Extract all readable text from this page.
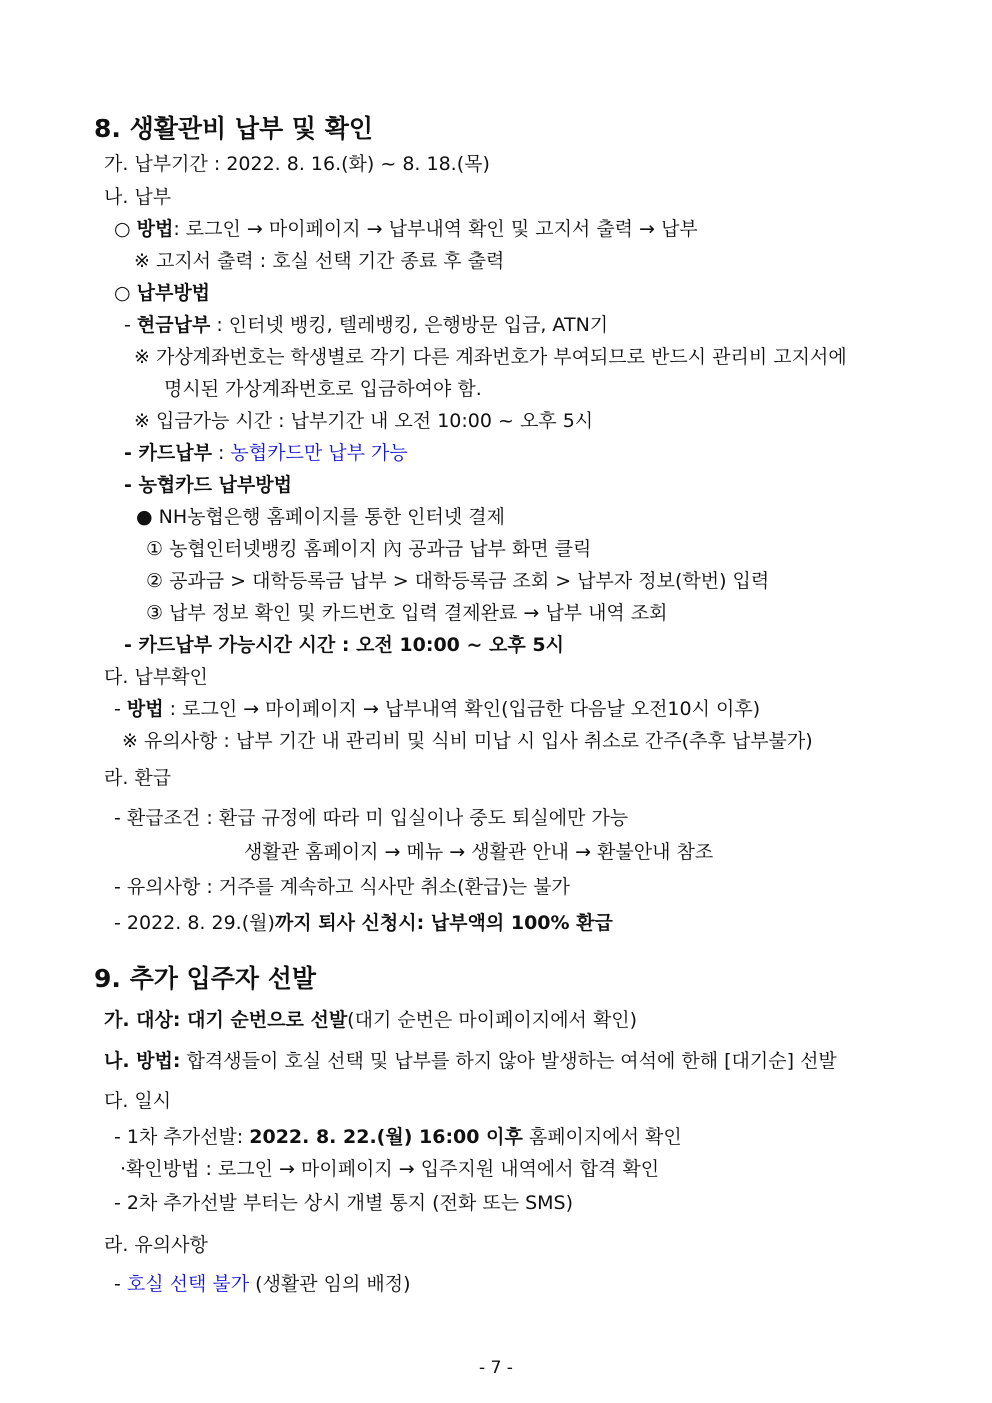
8. 생활관비 납부 및 확인
가. 납부기간 : 2022. 8. 16.(화) ~ 8. 18.(목)
나. 납부
○ 방법: 로그인 → 마이페이지 → 납부내역 확인 및 고지서 출력 → 납부
※ 고지서 출력 : 호실 선택 기간 종료 후 출력
○ 납부방법
- 현금납부 : 인터넷 뱅킹, 텔레뱅킹, 은행방문 입금, ATN기
※ 가상계좌번호는 학생별로 각기 다른 계좌번호가 부여되므로 반드시 관리비 고지서에
명시된 가상계좌번호로 입금하여야 함.
※ 입금가능 시간 : 납부기간 내 오전 10:00 ~ 오후 5시
- 카드납부 : 농협카드만 납부 가능
- 농협카드 납부방법
● NH농협은행 홈페이지를 통한 인터넷 결제
① 농협인터넷뱅킹 홈페이지 內 공과금 납부 화면 클릭
② 공과금 > 대학등록금 납부 > 대학등록금 조회 > 납부자 정보(학번) 입력
③ 납부 정보 확인 및 카드번호 입력 결제완료 → 납부 내역 조회
- 카드납부 가능시간 시간 : 오전 10:00 ~ 오후 5시
다. 납부확인
- 방법 : 로그인 → 마이페이지 → 납부내역 확인(입금한 다음날 오전10시 이후)
※ 유의사항 : 납부 기간 내 관리비 및 식비 미납 시 입사 취소로 간주(추후 납부불가)
라. 환급
- 환급조건 : 환급 규정에 따라 미 입실이나 중도 퇴실에만 가능
생활관 홈페이지 → 메뉴 → 생활관 안내 → 환불안내 참조
- 유의사항 : 거주를 계속하고 식사만 취소(환급)는 불가
- 2022. 8. 29.(월)까지 퇴사 신청시: 납부액의 100% 환급
9. 추가 입주자 선발
가. 대상: 대기 순번으로 선발(대기 순번은 마이페이지에서 확인)
나. 방법: 합격생들이 호실 선택 및 납부를 하지 않아 발생하는 여석에 한해 [대기순] 선발
다. 일시
- 1차 추가선발: 2022. 8. 22.(월) 16:00 이후 홈페이지에서 확인
·확인방법 : 로그인 → 마이페이지 → 입주지원 내역에서 합격 확인
- 2차 추가선발 부터는 상시 개별 통지 (전화 또는 SMS)
라. 유의사항
- 호실 선택 불가 (생활관 임의 배정)
- 7 -
